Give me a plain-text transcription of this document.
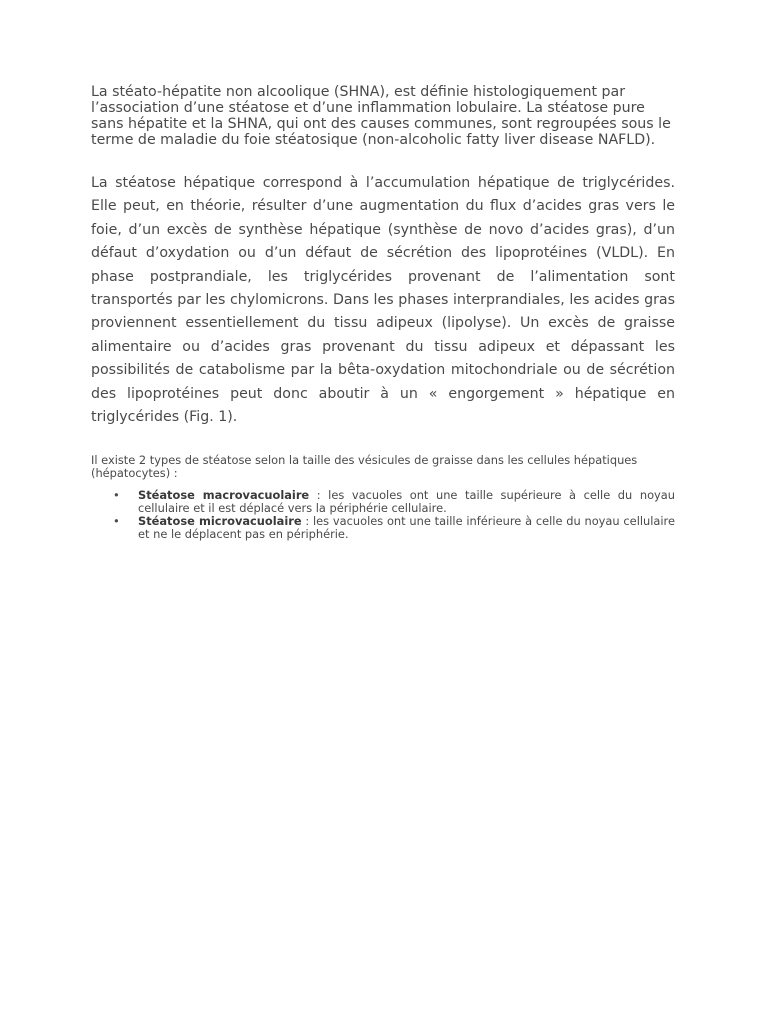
La stéato-hépatite non alcoolique (SHNA), est définie histologiquement par l’association d’une stéatose et d’une inflammation lobulaire. La stéatose pure sans hépatite et la SHNA, qui ont des causes communes, sont regroupées sous le terme de maladie du foie stéatosique (non-alcoholic fatty liver disease NAFLD).

La stéatose hépatique correspond à l’accumulation hépatique de triglycérides. Elle peut, en théorie, résulter d’une augmentation du flux d’acides gras vers le foie, d’un excès de synthèse hépatique (synthèse de novo d’acides gras), d’un défaut d’oxydation ou d’un défaut de sécrétion des lipoprotéines (VLDL). En phase postprandiale, les triglycérides provenant de l’alimentation sont transportés par les chylomicrons. Dans les phases interprandiales, les acides gras proviennent essentiellement du tissu adipeux (lipolyse). Un excès de graisse alimentaire ou d’acides gras provenant du tissu adipeux et dépassant les possibilités de catabolisme par la bêta-oxydation mitochondriale ou de sécrétion des lipoprotéines peut donc aboutir à un « engorgement » hépatique en triglycérides (Fig. 1).

Il existe 2 types de stéatose selon la taille des vésicules de graisse dans les cellules hépatiques (hépatocytes) :

• Stéatose macrovacuolaire : les vacuoles ont une taille supérieure à celle du noyau cellulaire et il est déplacé vers la périphérie cellulaire.
• Stéatose microvacuolaire : les vacuoles ont une taille inférieure à celle du noyau cellulaire et ne le déplacent pas en périphérie.
